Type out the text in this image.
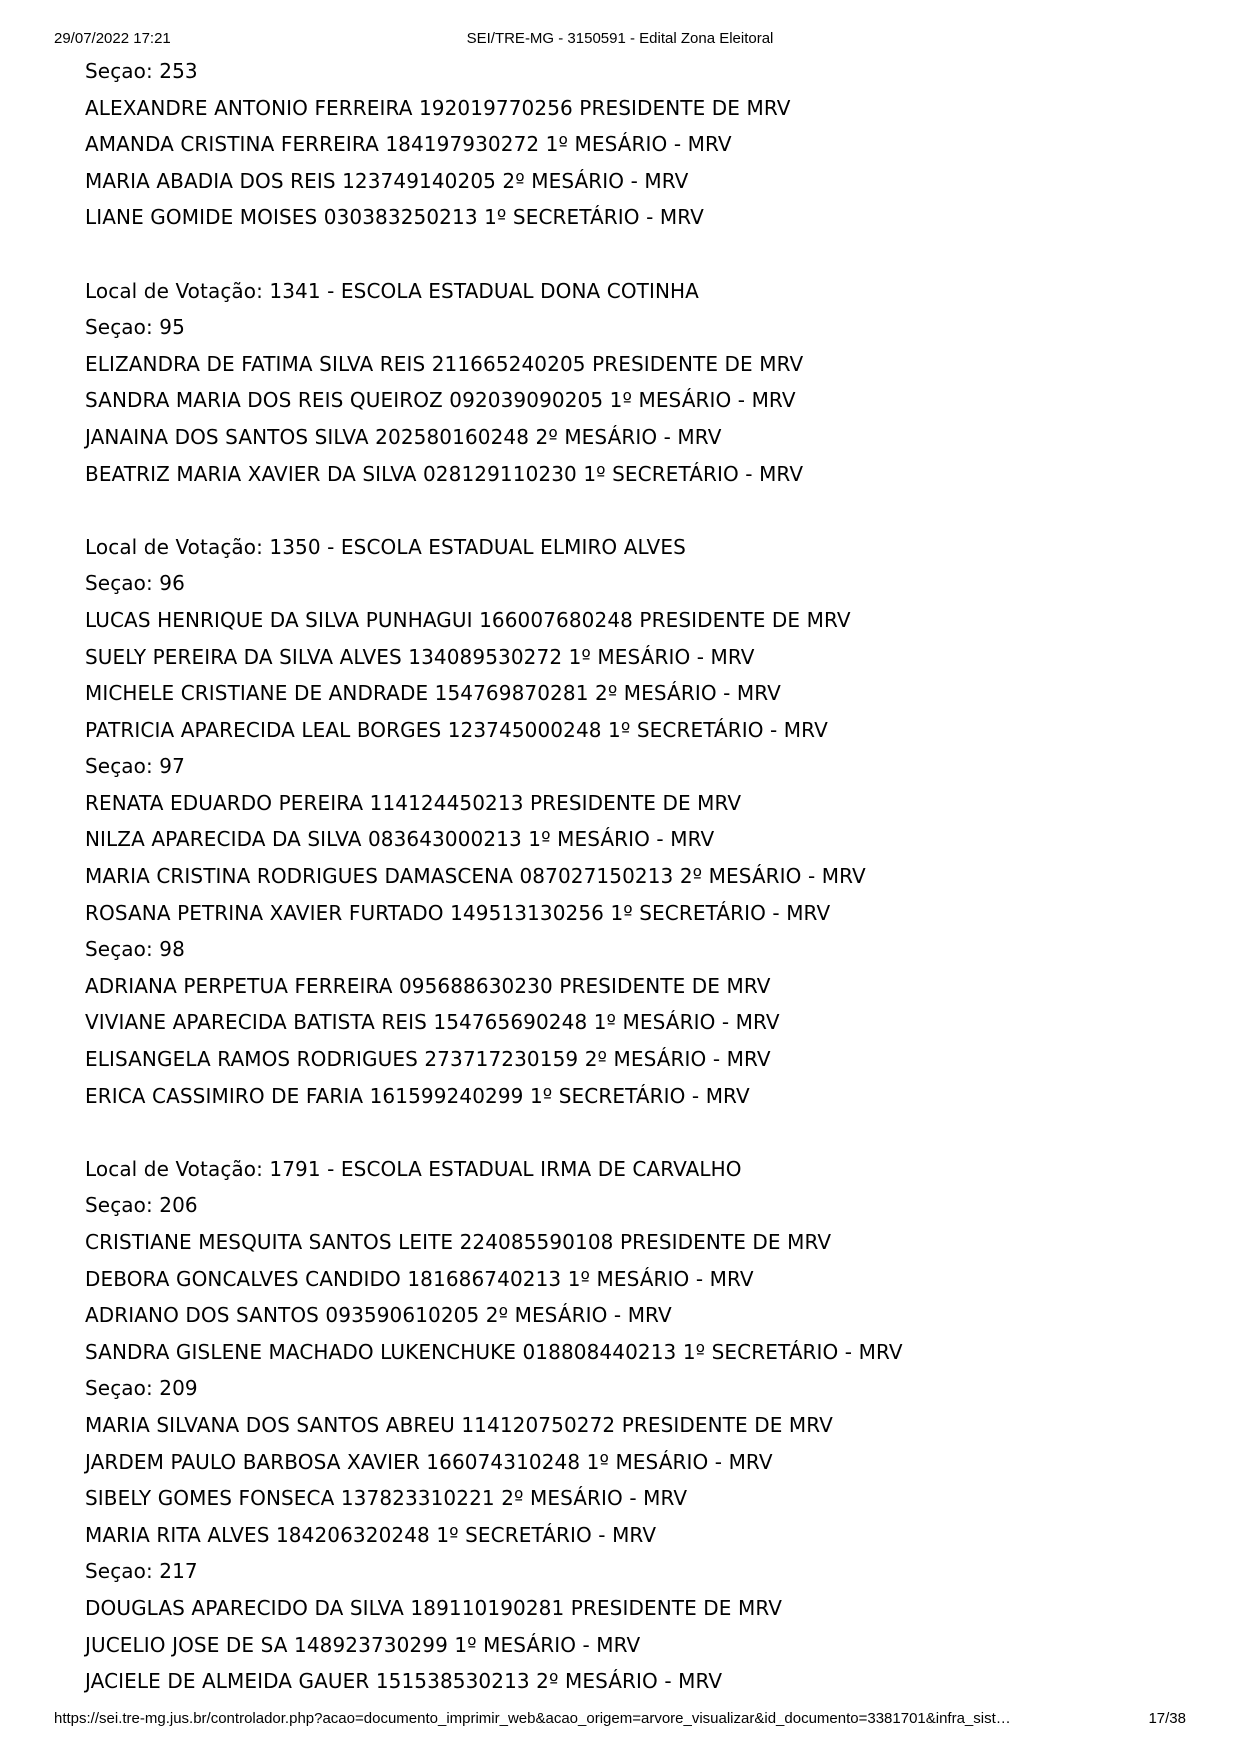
29/07/2022 17:21	SEI/TRE-MG - 3150591 - Edital Zona Eleitoral
Seçao: 253
ALEXANDRE ANTONIO FERREIRA 192019770256 PRESIDENTE DE MRV
AMANDA CRISTINA FERREIRA 184197930272 1º MESÁRIO - MRV
MARIA ABADIA DOS REIS 123749140205 2º MESÁRIO - MRV
LIANE GOMIDE MOISES 030383250213 1º SECRETÁRIO - MRV
Local de Votação: 1341 - ESCOLA ESTADUAL DONA COTINHA
Seçao: 95
ELIZANDRA DE FATIMA SILVA REIS 211665240205 PRESIDENTE DE MRV
SANDRA MARIA DOS REIS QUEIROZ 092039090205 1º MESÁRIO - MRV
JANAINA DOS SANTOS SILVA 202580160248 2º MESÁRIO - MRV
BEATRIZ MARIA XAVIER DA SILVA 028129110230 1º SECRETÁRIO - MRV
Local de Votação: 1350 - ESCOLA ESTADUAL ELMIRO ALVES
Seçao: 96
LUCAS HENRIQUE DA SILVA PUNHAGUI 166007680248 PRESIDENTE DE MRV
SUELY PEREIRA DA SILVA ALVES 134089530272 1º MESÁRIO - MRV
MICHELE CRISTIANE DE ANDRADE 154769870281 2º MESÁRIO - MRV
PATRICIA APARECIDA LEAL BORGES 123745000248 1º SECRETÁRIO - MRV
Seçao: 97
RENATA EDUARDO PEREIRA 114124450213 PRESIDENTE DE MRV
NILZA APARECIDA DA SILVA 083643000213 1º MESÁRIO - MRV
MARIA CRISTINA RODRIGUES DAMASCENA 087027150213 2º MESÁRIO - MRV
ROSANA PETRINA XAVIER FURTADO 149513130256 1º SECRETÁRIO - MRV
Seçao: 98
ADRIANA PERPETUA FERREIRA 095688630230 PRESIDENTE DE MRV
VIVIANE APARECIDA BATISTA REIS 154765690248 1º MESÁRIO - MRV
ELISANGELA RAMOS RODRIGUES 273717230159 2º MESÁRIO - MRV
ERICA CASSIMIRO DE FARIA 161599240299 1º SECRETÁRIO - MRV
Local de Votação: 1791 - ESCOLA ESTADUAL IRMA DE CARVALHO
Seçao: 206
CRISTIANE MESQUITA SANTOS LEITE 224085590108 PRESIDENTE DE MRV
DEBORA GONCALVES CANDIDO 181686740213 1º MESÁRIO - MRV
ADRIANO DOS SANTOS 093590610205 2º MESÁRIO - MRV
SANDRA GISLENE MACHADO LUKENCHUKE 018808440213 1º SECRETÁRIO - MRV
Seçao: 209
MARIA SILVANA DOS SANTOS ABREU 114120750272 PRESIDENTE DE MRV
JARDEM PAULO BARBOSA XAVIER 166074310248 1º MESÁRIO - MRV
SIBELY GOMES FONSECA 137823310221 2º MESÁRIO - MRV
MARIA RITA ALVES 184206320248 1º SECRETÁRIO - MRV
Seçao: 217
DOUGLAS APARECIDO DA SILVA 189110190281 PRESIDENTE DE MRV
JUCELIO JOSE DE SA 148923730299 1º MESÁRIO - MRV
JACIELE DE ALMEIDA GAUER 151538530213 2º MESÁRIO - MRV
https://sei.tre-mg.jus.br/controlador.php?acao=documento_imprimir_web&acao_origem=arvore_visualizar&id_documento=3381701&infra_sist…	17/38
